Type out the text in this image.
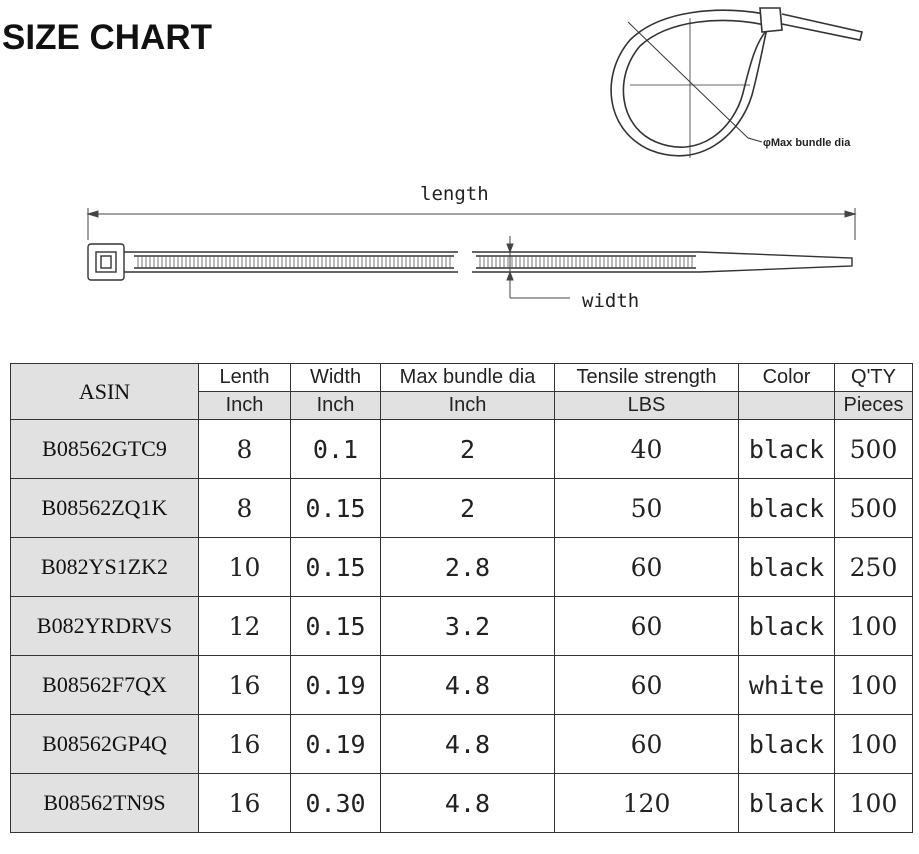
SIZE CHART
φMax bundle dia
length
width
ASIN	Lenth	Width	Max bundle dia	Tensile strength	Color	Q'TY
	Inch	Inch	Inch	LBS		Pieces
B08562GTC9	8	0.1	2	40	black	500
B08562ZQ1K	8	0.15	2	50	black	500
B082YS1ZK2	10	0.15	2.8	60	black	250
B082YRDRVS	12	0.15	3.2	60	black	100
B08562F7QX	16	0.19	4.8	60	white	100
B08562GP4Q	16	0.19	4.8	60	black	100
B08562TN9S	16	0.30	4.8	120	black	100
